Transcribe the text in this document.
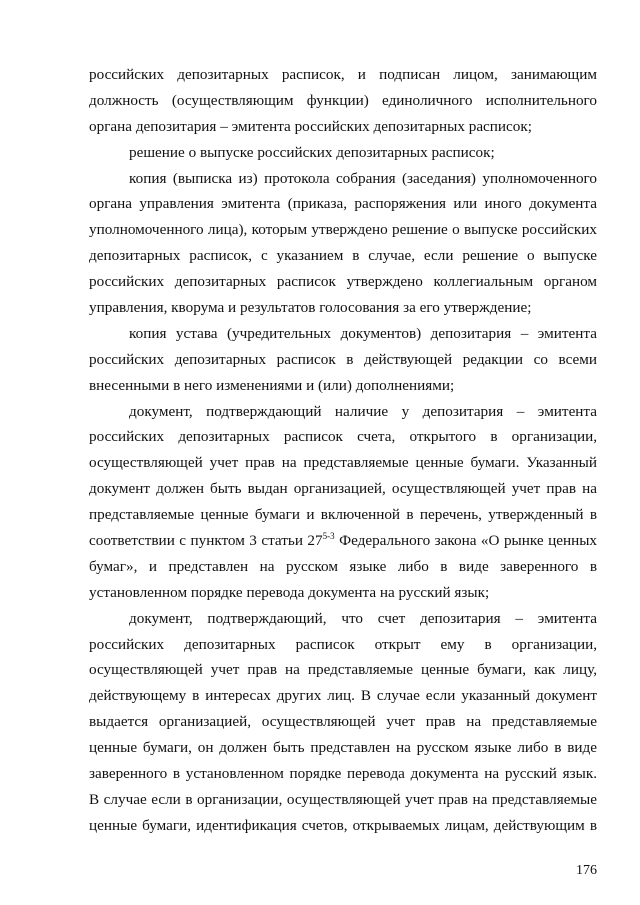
российских депозитарных расписок, и подписан лицом, занимающим
должность (осуществляющим функции) единоличного исполнительного
органа депозитария – эмитента российских депозитарных расписок;
решение о выпуске российских депозитарных расписок;
копия (выписка из) протокола собрания (заседания) уполномоченного
органа управления эмитента (приказа, распоряжения или иного документа
уполномоченного лица), которым утверждено решение о выпуске российских
депозитарных расписок, с указанием в случае, если решение о выпуске
российских депозитарных расписок утверждено коллегиальным органом
управления, кворума и результатов голосования за его утверждение;
копия устава (учредительных документов) депозитария – эмитента
российских депозитарных расписок в действующей редакции со всеми
внесенными в него изменениями и (или) дополнениями;
документ, подтверждающий наличие у депозитария – эмитента
российских депозитарных расписок счета, открытого в организации,
осуществляющей учет прав на представляемые ценные бумаги. Указанный
документ должен быть выдан организацией, осуществляющей учет прав на
представляемые ценные бумаги и включенной в перечень, утвержденный в
соответствии с пунктом 3 статьи 27$^{5-3}$ Федерального закона «О рынке ценных
бумаг», и представлен на русском языке либо в виде заверенного в
установленном порядке перевода документа на русский язык;
документ, подтверждающий, что счет депозитария – эмитента
российских депозитарных расписок открыт ему в организации,
осуществляющей учет прав на представляемые ценные бумаги, как лицу,
действующему в интересах других лиц. В случае если указанный документ
выдается организацией, осуществляющей учет прав на представляемые
ценные бумаги, он должен быть представлен на русском языке либо в виде
заверенного в установленном порядке перевода документа на русский язык.
В случае если в организации, осуществляющей учет прав на представляемые
ценные бумаги, идентификация счетов, открываемых лицам, действующим в
176
